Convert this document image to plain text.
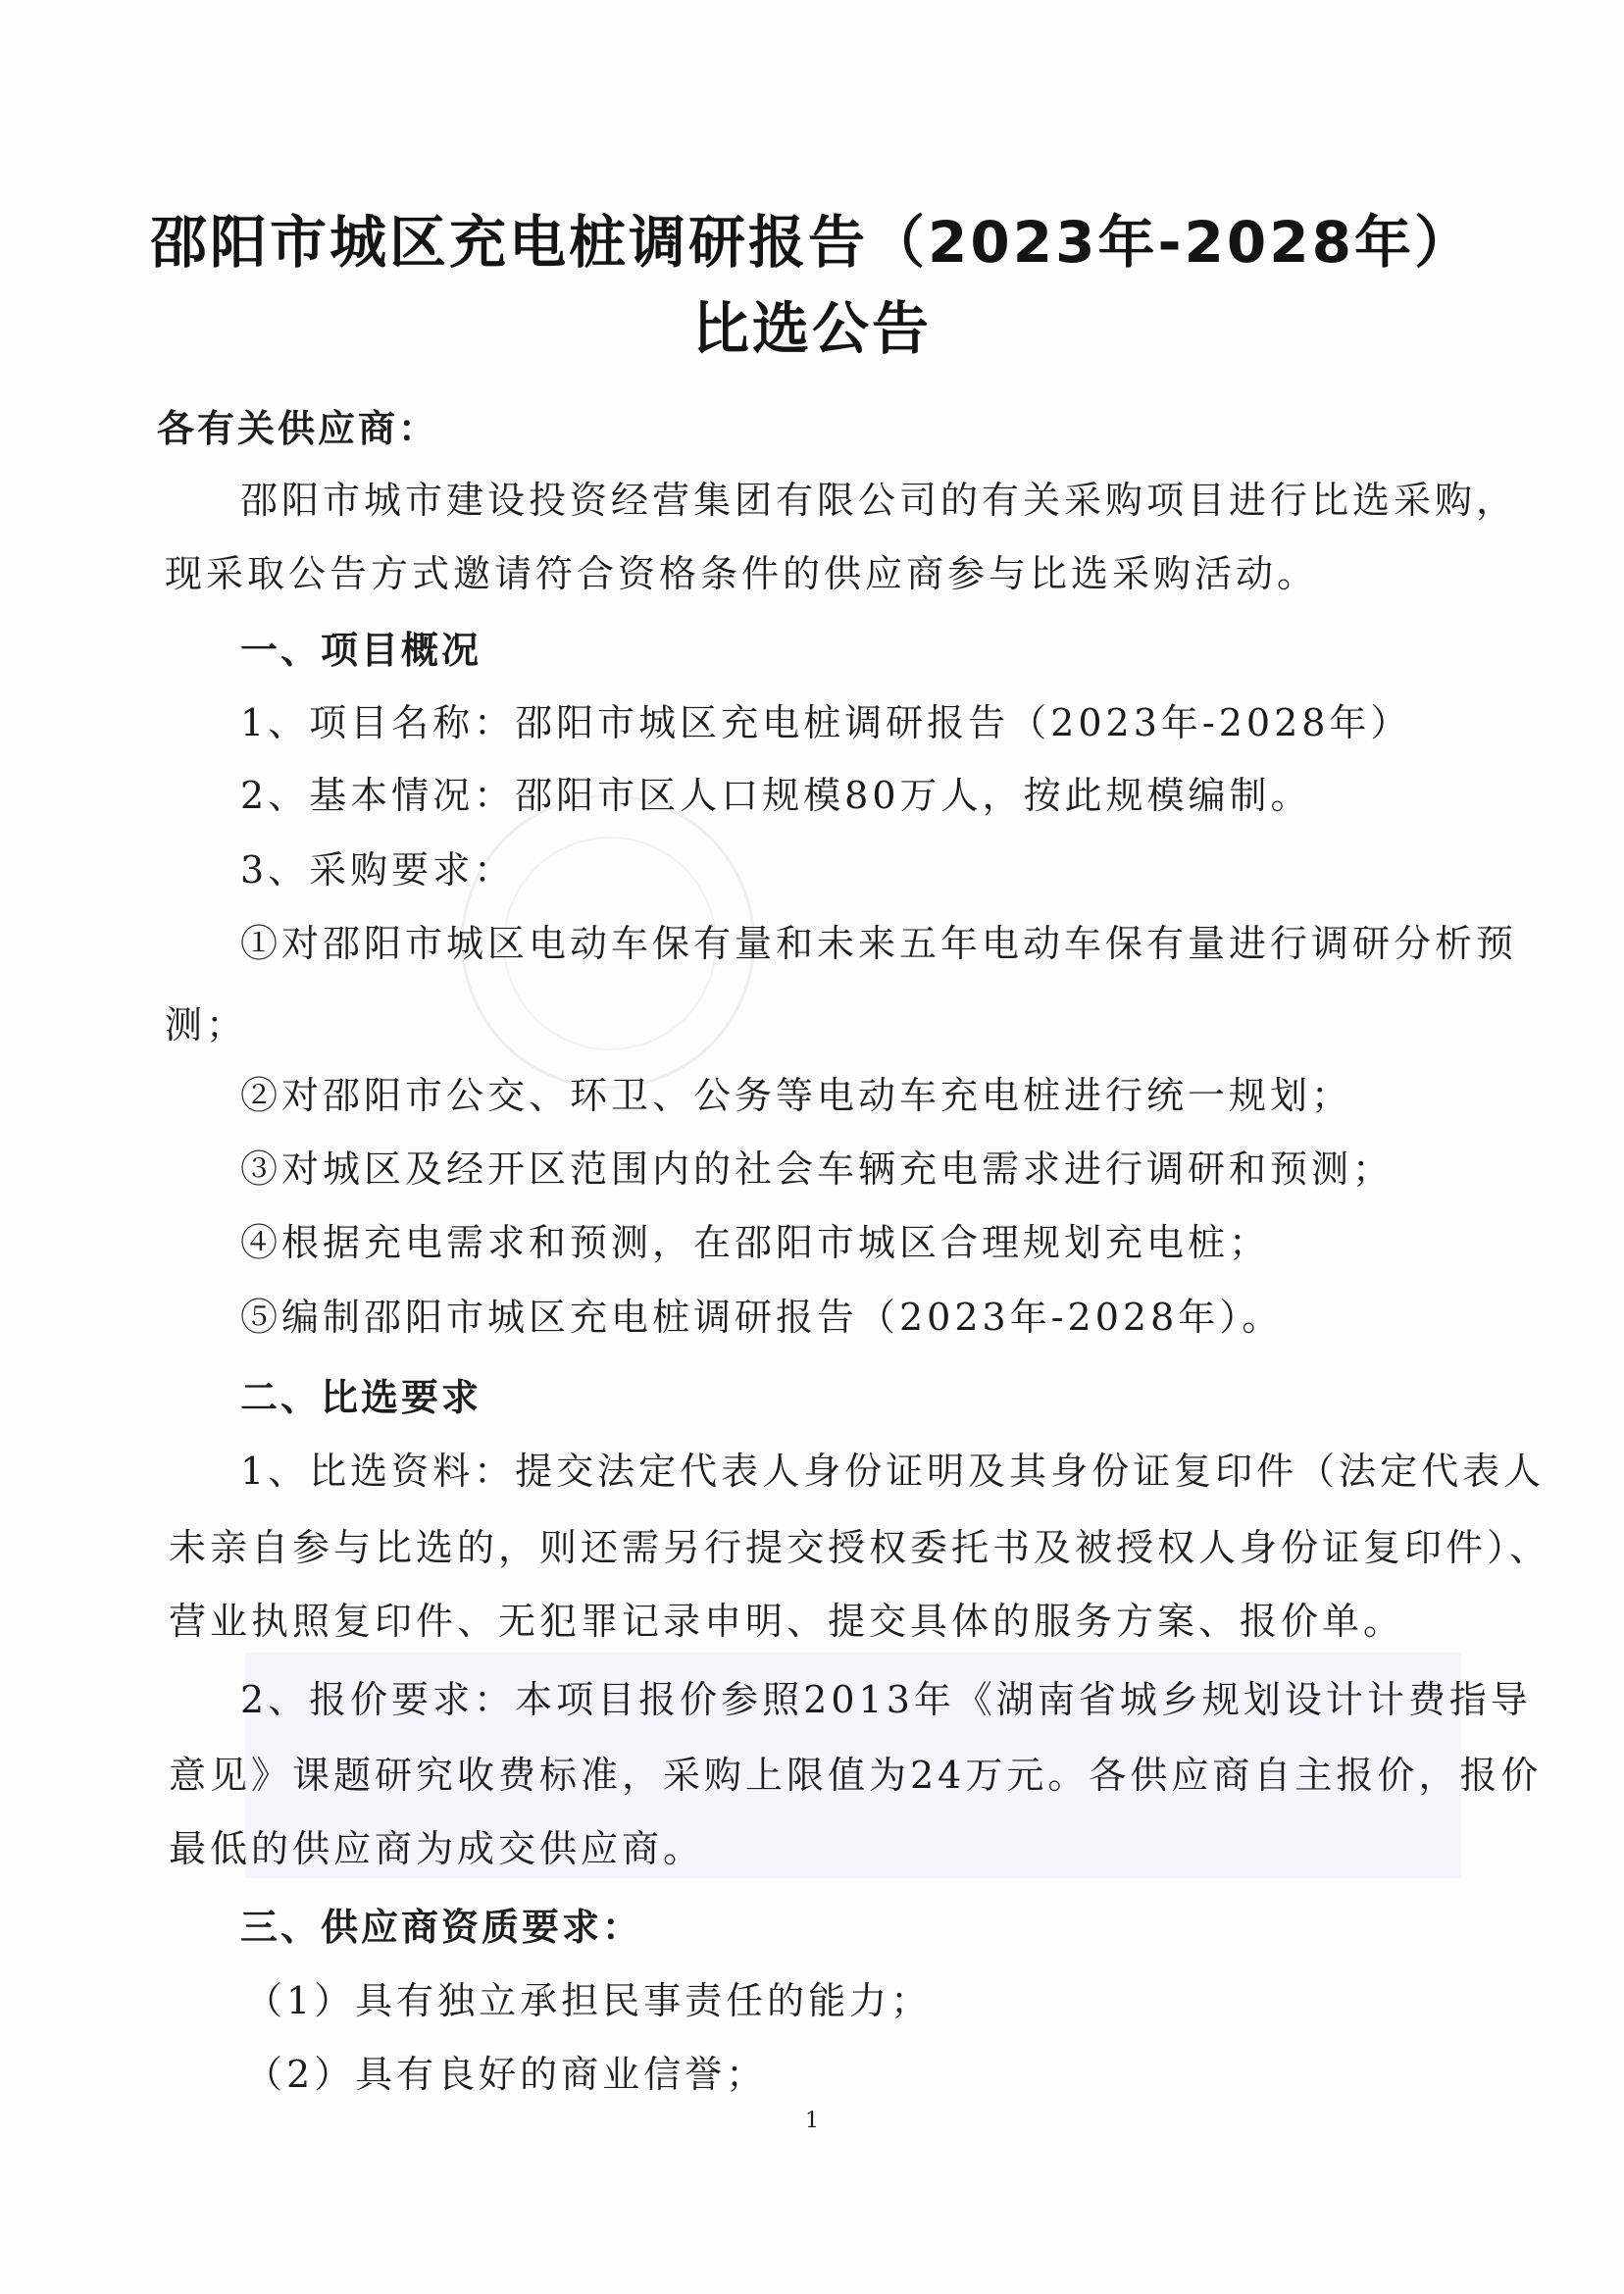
邵阳市城区充电桩调研报告（2023年-2028年）
比选公告
各有关供应商：
邵阳市城市建设投资经营集团有限公司的有关采购项目进行比选采购，
现采取公告方式邀请符合资格条件的供应商参与比选采购活动。
一、项目概况
1、项目名称：邵阳市城区充电桩调研报告（2023年-2028年）
2、基本情况：邵阳市区人口规模80万人，按此规模编制。
3、采购要求：
①对邵阳市城区电动车保有量和未来五年电动车保有量进行调研分析预
测；
②对邵阳市公交、环卫、公务等电动车充电桩进行统一规划；
③对城区及经开区范围内的社会车辆充电需求进行调研和预测；
④根据充电需求和预测，在邵阳市城区合理规划充电桩；
⑤编制邵阳市城区充电桩调研报告（2023年-2028年）。
二、比选要求
1、比选资料：提交法定代表人身份证明及其身份证复印件（法定代表人
未亲自参与比选的，则还需另行提交授权委托书及被授权人身份证复印件）、
营业执照复印件、无犯罪记录申明、提交具体的服务方案、报价单。
2、报价要求：本项目报价参照2013年《湖南省城乡规划设计计费指导
意见》课题研究收费标准，采购上限值为24万元。各供应商自主报价，报价
最低的供应商为成交供应商。
三、供应商资质要求：
（1）具有独立承担民事责任的能力；
（2）具有良好的商业信誉；
1
